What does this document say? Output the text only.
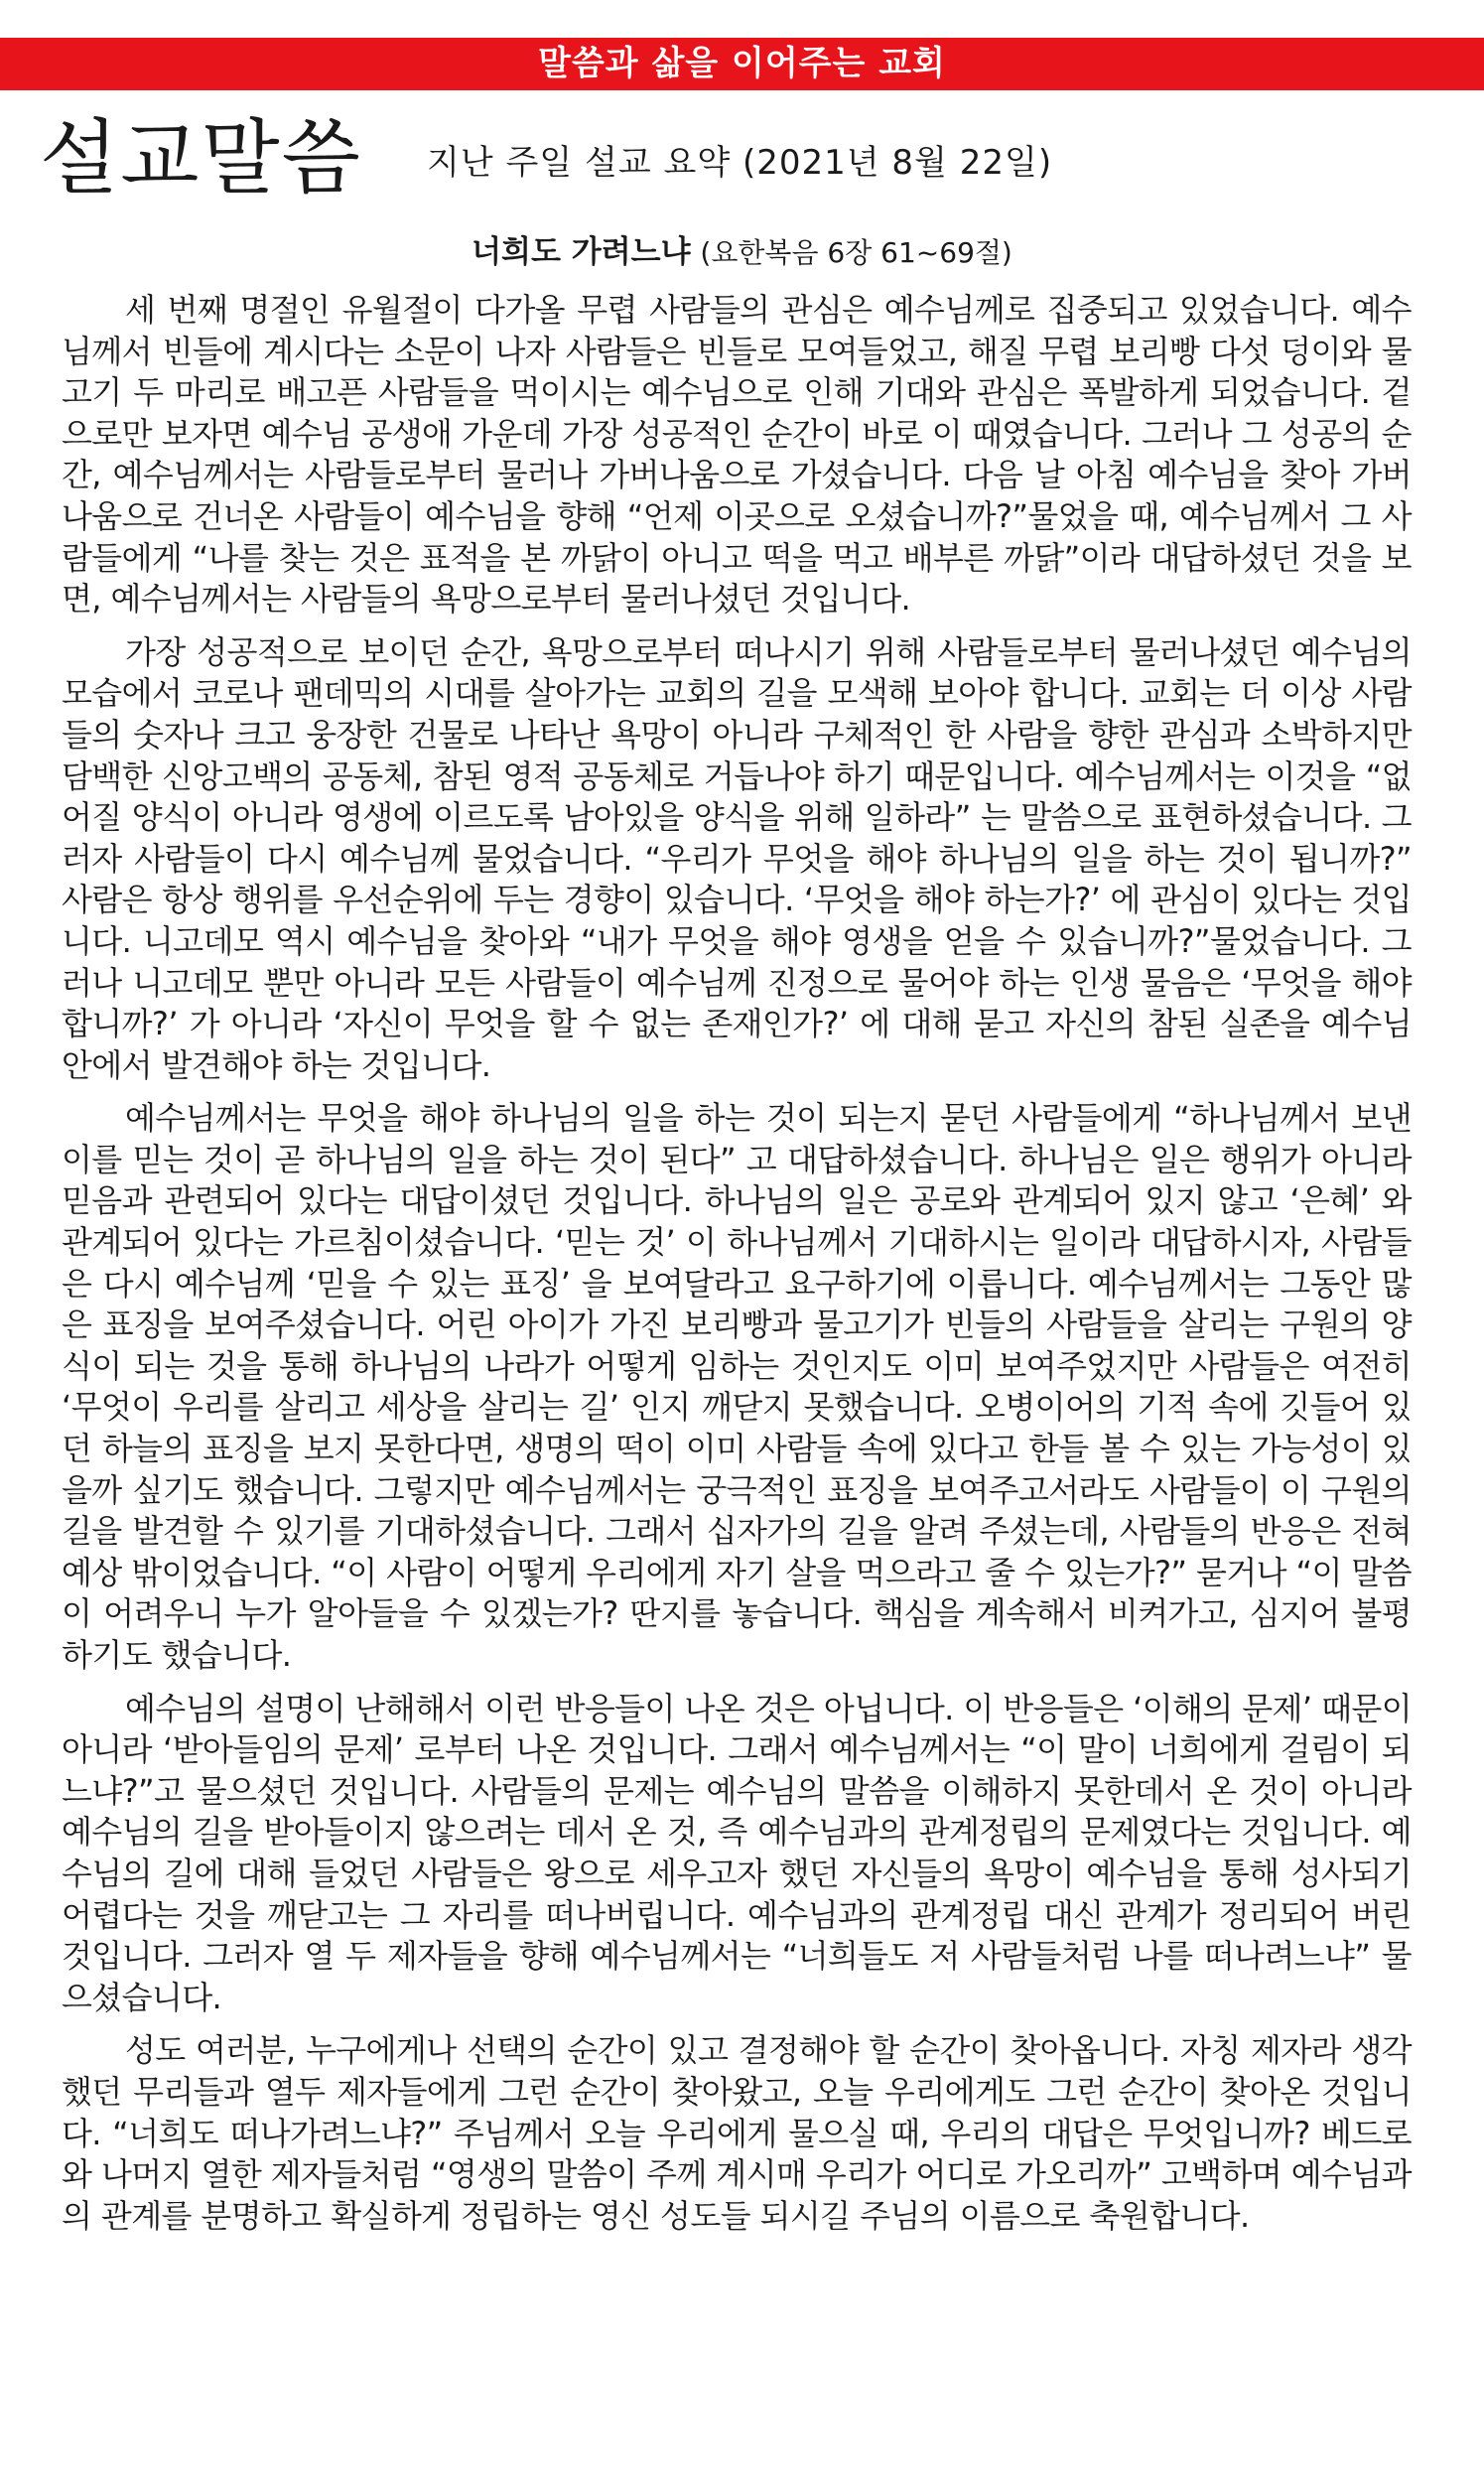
말씀과 삶을 이어주는 교회
설교말씀 지난 주일 설교 요약 (2021년 8월 22일)
너희도 가려느냐 (요한복음 6장 61~69절)

세 번째 명절인 유월절이 다가올 무렵 사람들의 관심은 예수님께로 집중되고 있었습니다. 예수님께서 빈들에 계시다는 소문이 나자 사람들은 빈들로 모여들었고, 해질 무렵 보리빵 다섯 덩이와 물고기 두 마리로 배고픈 사람들을 먹이시는 예수님으로 인해 기대와 관심은 폭발하게 되었습니다. 겉으로만 보자면 예수님 공생애 가운데 가장 성공적인 순간이 바로 이 때였습니다. 그러나 그 성공의 순간, 예수님께서는 사람들로부터 물러나 가버나움으로 가셨습니다. 다음 날 아침 예수님을 찾아 가버나움으로 건너온 사람들이 예수님을 향해 “언제 이곳으로 오셨습니까?”물었을 때, 예수님께서 그 사람들에게 “나를 찾는 것은 표적을 본 까닭이 아니고 떡을 먹고 배부른 까닭”이라 대답하셨던 것을 보면, 예수님께서는 사람들의 욕망으로부터 물러나셨던 것입니다.

가장 성공적으로 보이던 순간, 욕망으로부터 떠나시기 위해 사람들로부터 물러나셨던 예수님의 모습에서 코로나 팬데믹의 시대를 살아가는 교회의 길을 모색해 보아야 합니다. 교회는 더 이상 사람들의 숫자나 크고 웅장한 건물로 나타난 욕망이 아니라 구체적인 한 사람을 향한 관심과 소박하지만 담백한 신앙고백의 공동체, 참된 영적 공동체로 거듭나야 하기 때문입니다. 예수님께서는 이것을 “없어질 양식이 아니라 영생에 이르도록 남아있을 양식을 위해 일하라” 는 말씀으로 표현하셨습니다. 그러자 사람들이 다시 예수님께 물었습니다. “우리가 무엇을 해야 하나님의 일을 하는 것이 됩니까?” 사람은 항상 행위를 우선순위에 두는 경향이 있습니다. ‘무엇을 해야 하는가?’ 에 관심이 있다는 것입니다. 니고데모 역시 예수님을 찾아와 “내가 무엇을 해야 영생을 얻을 수 있습니까?”물었습니다. 그러나 니고데모 뿐만 아니라 모든 사람들이 예수님께 진정으로 물어야 하는 인생 물음은 ‘무엇을 해야 합니까?’ 가 아니라 ‘자신이 무엇을 할 수 없는 존재인가?’ 에 대해 묻고 자신의 참된 실존을 예수님 안에서 발견해야 하는 것입니다.

예수님께서는 무엇을 해야 하나님의 일을 하는 것이 되는지 묻던 사람들에게 “하나님께서 보낸 이를 믿는 것이 곧 하나님의 일을 하는 것이 된다” 고 대답하셨습니다. 하나님은 일은 행위가 아니라 믿음과 관련되어 있다는 대답이셨던 것입니다. 하나님의 일은 공로와 관계되어 있지 않고 ‘은혜’ 와 관계되어 있다는 가르침이셨습니다. ‘믿는 것’ 이 하나님께서 기대하시는 일이라 대답하시자, 사람들은 다시 예수님께 ‘믿을 수 있는 표징’ 을 보여달라고 요구하기에 이릅니다. 예수님께서는 그동안 많은 표징을 보여주셨습니다. 어린 아이가 가진 보리빵과 물고기가 빈들의 사람들을 살리는 구원의 양식이 되는 것을 통해 하나님의 나라가 어떻게 임하는 것인지도 이미 보여주었지만 사람들은 여전히 ‘무엇이 우리를 살리고 세상을 살리는 길’ 인지 깨닫지 못했습니다. 오병이어의 기적 속에 깃들어 있던 하늘의 표징을 보지 못한다면, 생명의 떡이 이미 사람들 속에 있다고 한들 볼 수 있는 가능성이 있을까 싶기도 했습니다. 그렇지만 예수님께서는 궁극적인 표징을 보여주고서라도 사람들이 이 구원의 길을 발견할 수 있기를 기대하셨습니다. 그래서 십자가의 길을 알려 주셨는데, 사람들의 반응은 전혀 예상 밖이었습니다. “이 사람이 어떻게 우리에게 자기 살을 먹으라고 줄 수 있는가?” 묻거나 “이 말씀이 어려우니 누가 알아들을 수 있겠는가? 딴지를 놓습니다. 핵심을 계속해서 비켜가고, 심지어 불평하기도 했습니다.

예수님의 설명이 난해해서 이런 반응들이 나온 것은 아닙니다. 이 반응들은 ‘이해의 문제’ 때문이 아니라 ‘받아들임의 문제’ 로부터 나온 것입니다. 그래서 예수님께서는 “이 말이 너희에게 걸림이 되느냐?”고 물으셨던 것입니다. 사람들의 문제는 예수님의 말씀을 이해하지 못한데서 온 것이 아니라 예수님의 길을 받아들이지 않으려는 데서 온 것, 즉 예수님과의 관계정립의 문제였다는 것입니다. 예수님의 길에 대해 들었던 사람들은 왕으로 세우고자 했던 자신들의 욕망이 예수님을 통해 성사되기 어렵다는 것을 깨닫고는 그 자리를 떠나버립니다. 예수님과의 관계정립 대신 관계가 정리되어 버린 것입니다. 그러자 열 두 제자들을 향해 예수님께서는 “너희들도 저 사람들처럼 나를 떠나려느냐” 물으셨습니다.

성도 여러분, 누구에게나 선택의 순간이 있고 결정해야 할 순간이 찾아옵니다. 자칭 제자라 생각했던 무리들과 열두 제자들에게 그런 순간이 찾아왔고, 오늘 우리에게도 그런 순간이 찾아온 것입니다. “너희도 떠나가려느냐?” 주님께서 오늘 우리에게 물으실 때, 우리의 대답은 무엇입니까? 베드로와 나머지 열한 제자들처럼 “영생의 말씀이 주께 계시매 우리가 어디로 가오리까” 고백하며 예수님과의 관계를 분명하고 확실하게 정립하는 영신 성도들 되시길 주님의 이름으로 축원합니다.
